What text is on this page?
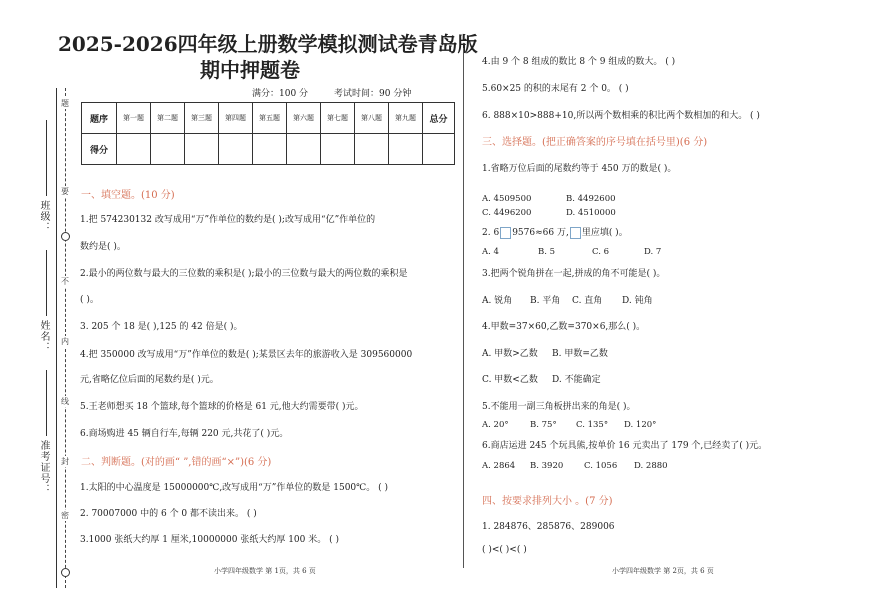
题
要
不
内
线
封
密
班级：
姓名：
准考证号：
2025-2026四年级上册数学模拟测试卷青岛版
期中押题卷
满分：100 分	考试时间：90 分钟
题序	第一题	第二题	第三题	第四题	第五题	第六题	第七题	第八题	第九题	总分
得分										
一、填空题。(10 分)
1.把 574230132 改写成用“万”作单位的数约是( );改写成用“亿”作单位的
数约是( )。
2.最小的两位数与最大的三位数的乘积是( );最小的三位数与最大的两位数的乘积是
( )。
3. 205 个 18 是( ),125 的 42 倍是( )。
4.把 350000 改写成用“万”作单位的数是( );某景区去年的旅游收入是 309560000
元,省略亿位后面的尾数约是( )元。
5.王老师想买 18 个篮球,每个篮球的价格是 61 元,他大约需要带( )元。
6.商场购进 45 辆自行车,每辆 220 元,共花了( )元。
二、判断题。(对的画“ ”,错的画“×”)(6 分)
1.太阳的中心温度是 15000000℃,改写成用“万”作单位的数是 1500℃。 ( )
2. 70007000 中的 6 个 0 都不读出来。 ( )
3.1000 张纸大约厚 1 厘米,10000000 张纸大约厚 100 米。 ( )
小学四年级数学 第 1页，共 6 页
4.由 9 个 8 组成的数比 8 个 9 组成的数大。 ( )
5.60×25 的积的末尾有 2 个 0。 ( )
6. 888×10>888+10,所以两个数相乘的积比两个数相加的和大。 ( )
三、选择题。(把正确答案的序号填在括号里)(6 分)
1.省略万位后面的尾数约等于 450 万的数是( )。
A. 4509500	B. 4492600
C. 4496200	D. 4510000
2. 6 9576≈66 万, 里应填( )。
A. 4	B. 5	C. 6	D. 7
3.把两个锐角拼在一起,拼成的角不可能是( )。
A. 锐角 B. 平角 C. 直角 D. 钝角
4.甲数=37×60,乙数=370×6,那么( )。
A. 甲数>乙数 B. 甲数=乙数
C. 甲数<乙数 D. 不能确定
5.不能用一副三角板拼出来的角是( )。
A. 20°	B. 75° C. 135° D. 120°
6.商店运进 245 个玩具熊,按单价 16 元卖出了 179 个,已经卖了( )元。
A. 2864 B. 3920 C. 1056 D. 2880
四、按要求排列大小 。(7 分)
1. 284876、285876、289006
( )<( )<( )
小学四年级数学 第 2页，共 6 页
